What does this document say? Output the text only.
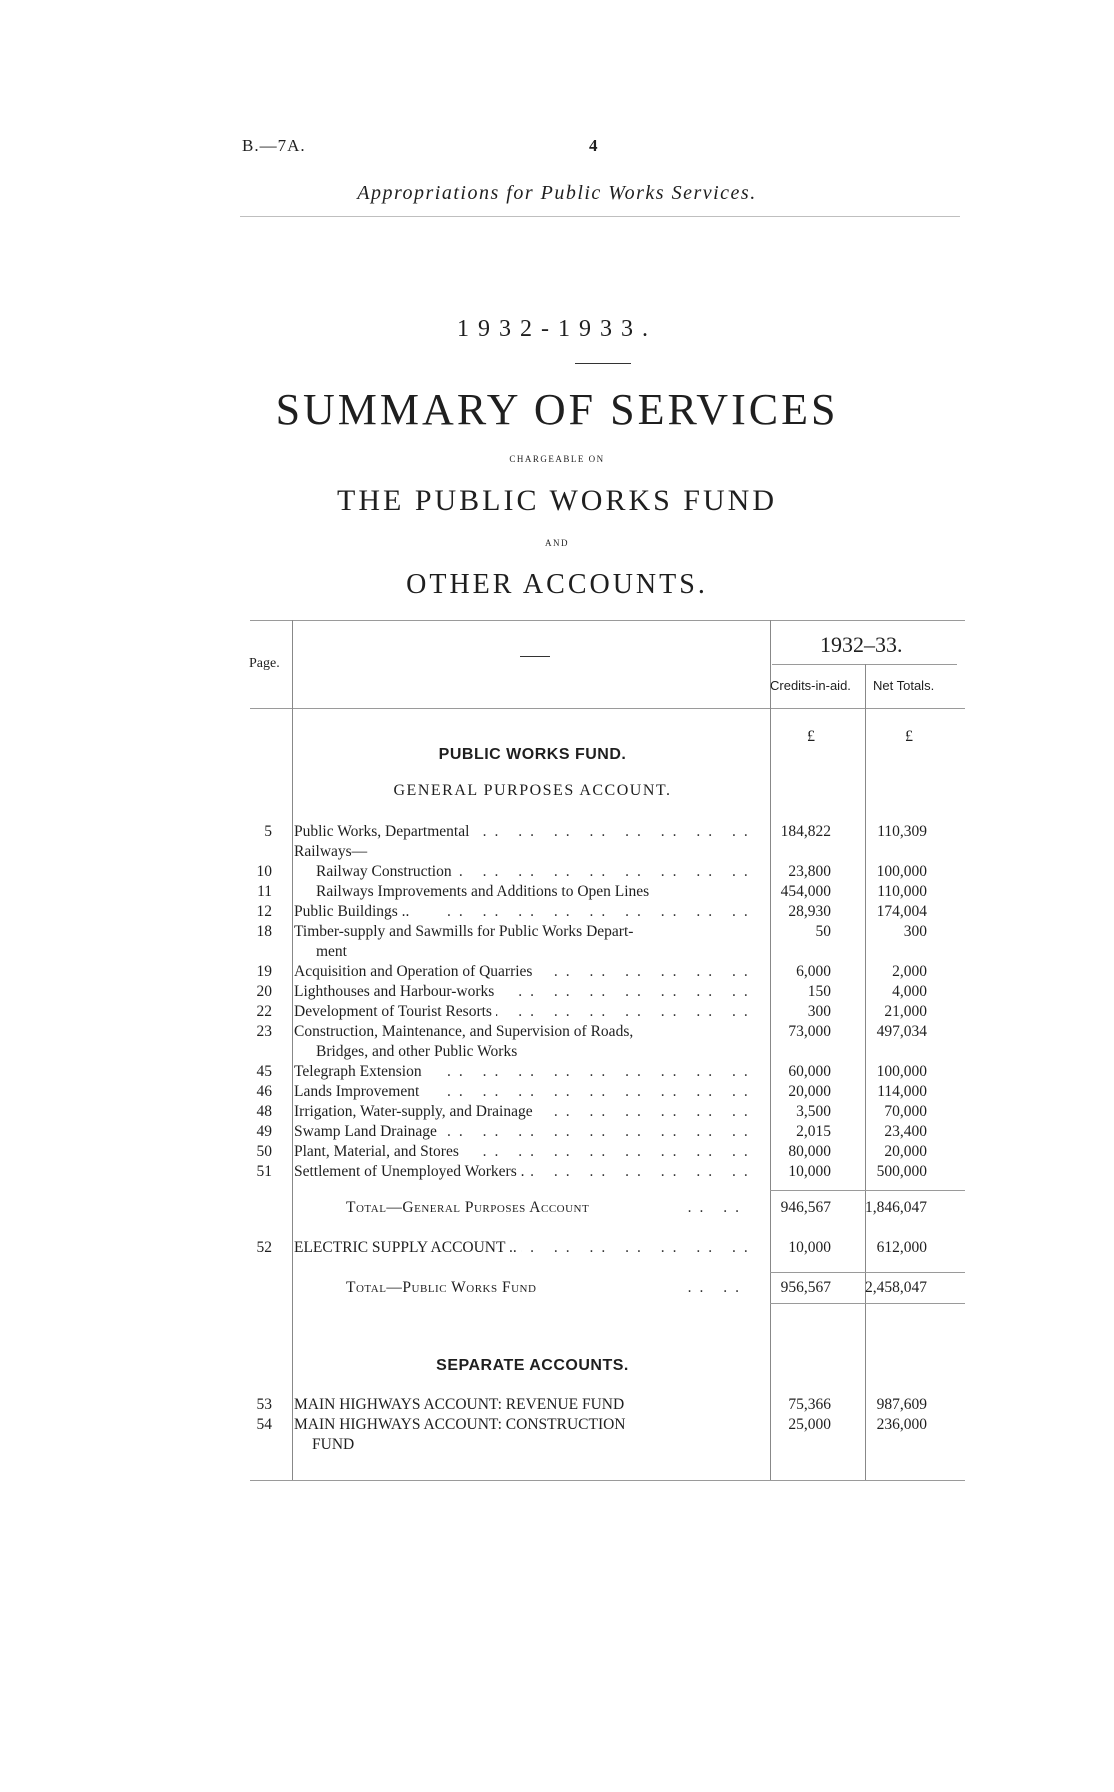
B.—7A.	4
Appropriations for Public Works Services.
1932-1933.
SUMMARY OF SERVICES
CHARGEABLE ON
THE PUBLIC WORKS FUND
AND
OTHER ACCOUNTS.
Page.
1932–33.
Credits-in-aid. Net Totals.
£	£
PUBLIC WORKS FUND.
GENERAL PURPOSES ACCOUNT.
5	Public Works, Departmental .. ..	184,822	110,309
Railways—
10	Railway Construction .. ..	23,800	100,000
11	Railways Improvements and Additions to Open Lines	454,000	110,000
12	Public Buildings .. .. ..	28,930	174,004
18	Timber-supply and Sawmills for Public Works Depart-	50	300
ment
19	Acquisition and Operation of Quarries .. ..	6,000	2,000
20	Lighthouses and Harbour-works .. ..	150	4,000
22	Development of Tourist Resorts .. ..	300	21,000
23	Construction, Maintenance, and Supervision of Roads,	73,000	497,034
Bridges, and other Public Works
45	Telegraph Extension .. ..	60,000	100,000
46	Lands Improvement .. ..	20,000	114,000
48	Irrigation, Water-supply, and Drainage .. ..	3,500	70,000
49	Swamp Land Drainage .. ..	2,015	23,400
50	Plant, Material, and Stores .. ..	80,000	20,000
51	Settlement of Unemployed Workers . .. ..	10,000	500,000
Total—General Purposes Account .. ..	946,567	1,846,047
52	ELECTRIC SUPPLY ACCOUNT .. .. ..	10,000	612,000
Total—Public Works Fund .. ..	956,567	2,458,047
SEPARATE ACCOUNTS.
53	MAIN HIGHWAYS ACCOUNT: REVENUE FUND	75,366	987,609
54	MAIN HIGHWAYS ACCOUNT: CONSTRUCTION	25,000	236,000
FUND
